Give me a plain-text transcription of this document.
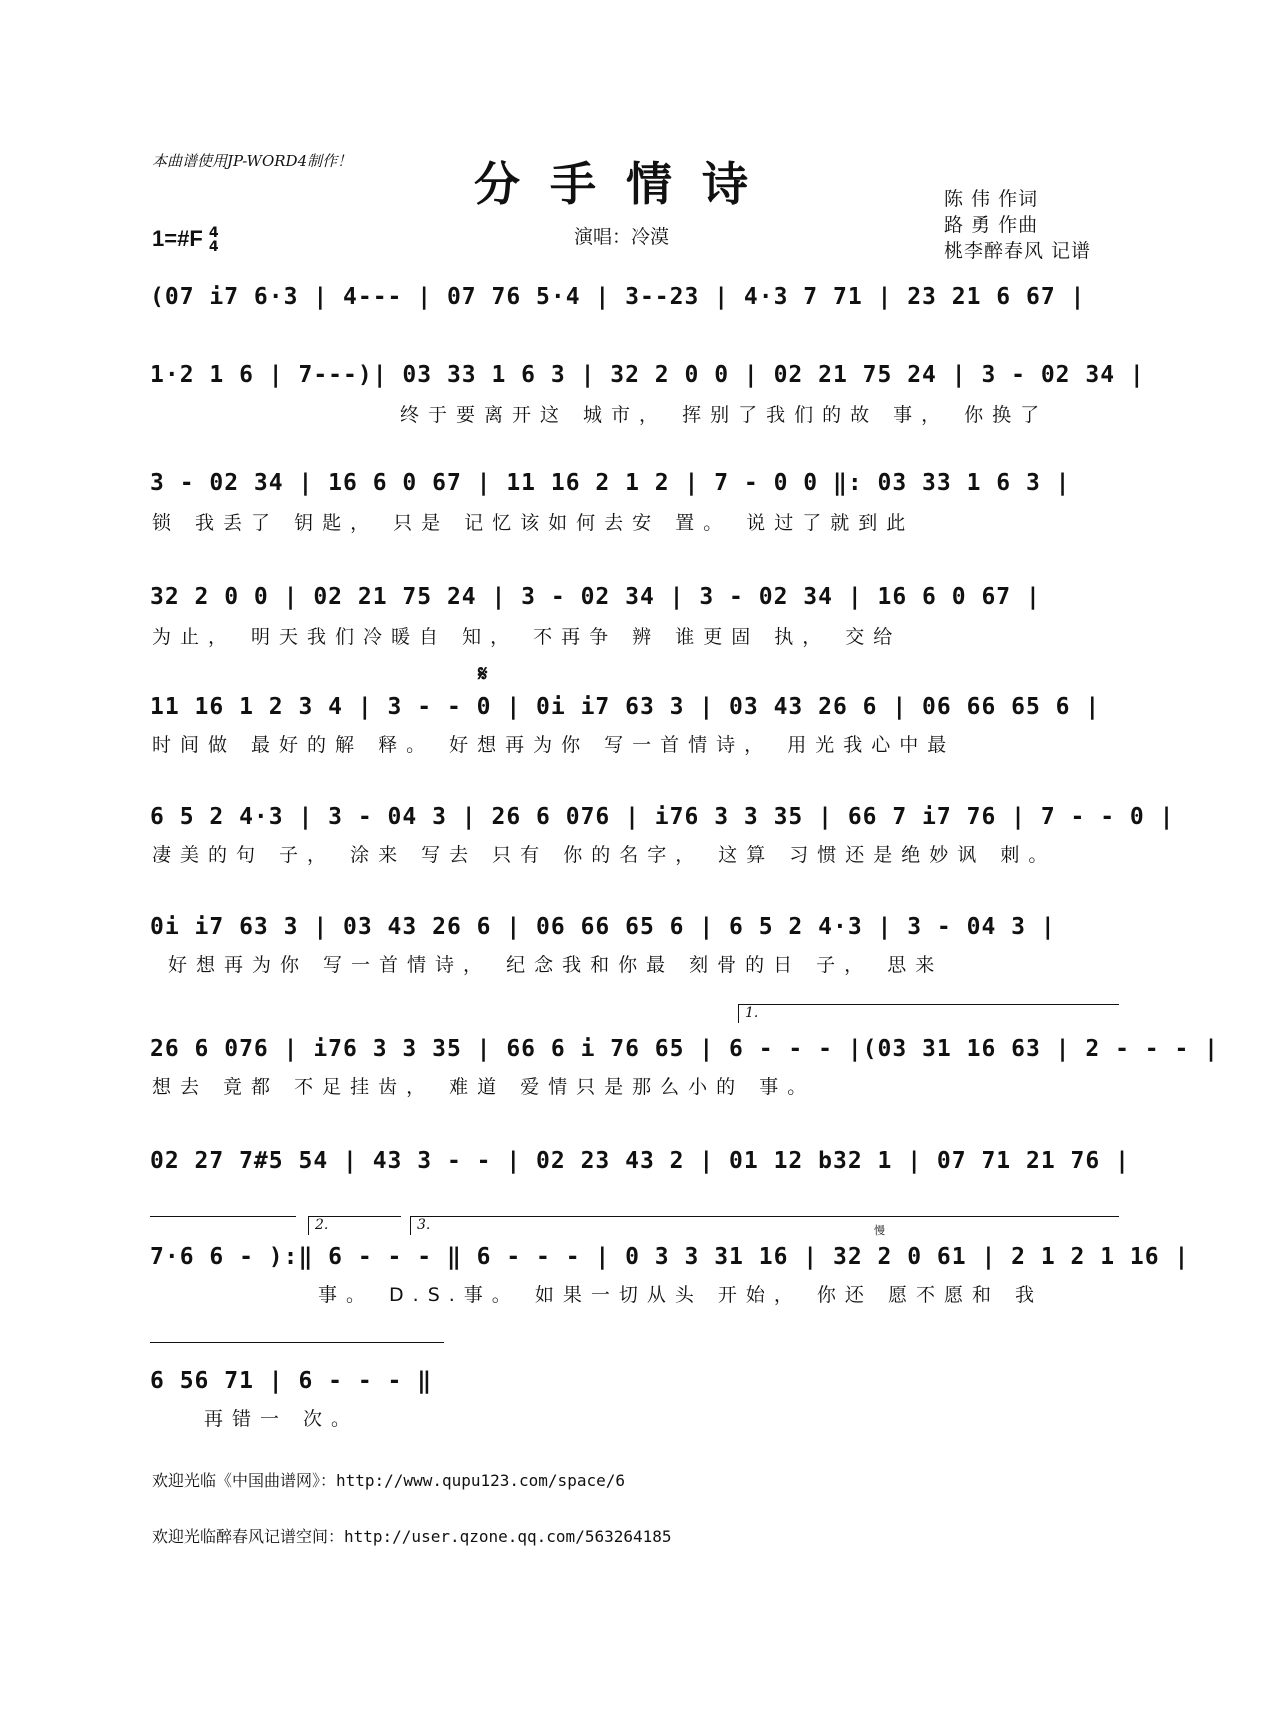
本曲谱使用JP-WORD4制作！	分手情诗
1=#F 4
4	演唱：冷漠
陈 伟 作词
路 勇 作曲
桃李醉春风 记谱
(07 i7 6·3 | 4--- | 07 76 5·4 | 3--23 | 4·3 7 71 | 23 21 6 67 |
1·2 1 6 | 7---)| 03 33 1 6 3 | 32 2 0 0 | 02 21 75 24 | 3 - 02 34 |
终于要离开这 城市， 挥别了我们的故 事， 你换了
3 - 02 34 | 16 6 0 67 | 11 16 2 1 2 | 7 - 0 0 ‖: 03 33 1 6 3 |
锁 我丢了 钥匙， 只是 记忆该如何去安 置。 说过了就到此
32 2 0 0 | 02 21 75 24 | 3 - 02 34 | 3 - 02 34 | 16 6 0 67 |
为止， 明天我们冷暖自 知， 不再争 辨 谁更固 执， 交给
𝄋
11 16 1 2 3 4 | 3 - - 0 | 0i i7 63 3 | 03 43 26 6 | 06 66 65 6 |
时间做 最好的解 释。 好想再为你 写一首情诗， 用光我心中最
6 5 2 4·3 | 3 - 04 3 | 26 6 076 | i76 3 3 35 | 66 7 i7 76 | 7 - - 0 |
凄美的句 子， 涂来 写去 只有 你的名字， 这算 习惯还是绝妙讽 刺。
0i i7 63 3 | 03 43 26 6 | 06 66 65 6 | 6 5 2 4·3 | 3 - 04 3 |
好想再为你 写一首情诗， 纪念我和你最 刻骨的日 子， 思来
1.
26 6 076 | i76 3 3 35 | 66 6 i 76 65 | 6 - - - |(03 31 16 63 | 2 - - - |
想去 竟都 不足挂齿， 难道 爱情只是那么小的 事。
02 27 7#5 54 | 43 3 - - | 02 23 43 2 | 01 12 b32 1 | 07 71 21 76 |
2.	3.	慢
7·6 6 - ):‖ 6 - - - ‖ 6 - - - | 0 3 3 31 16 | 32 2 0 61 | 2 1 2 1 16 |
事。 D.S.事。 如果一切从头 开始， 你还 愿不愿和 我
6 56 71 | 6 - - - ‖
再错一 次。
欢迎光临《中国曲谱网》：http://www.qupu123.com/space/6
欢迎光临醉春风记谱空间：http://user.qzone.qq.com/563264185
